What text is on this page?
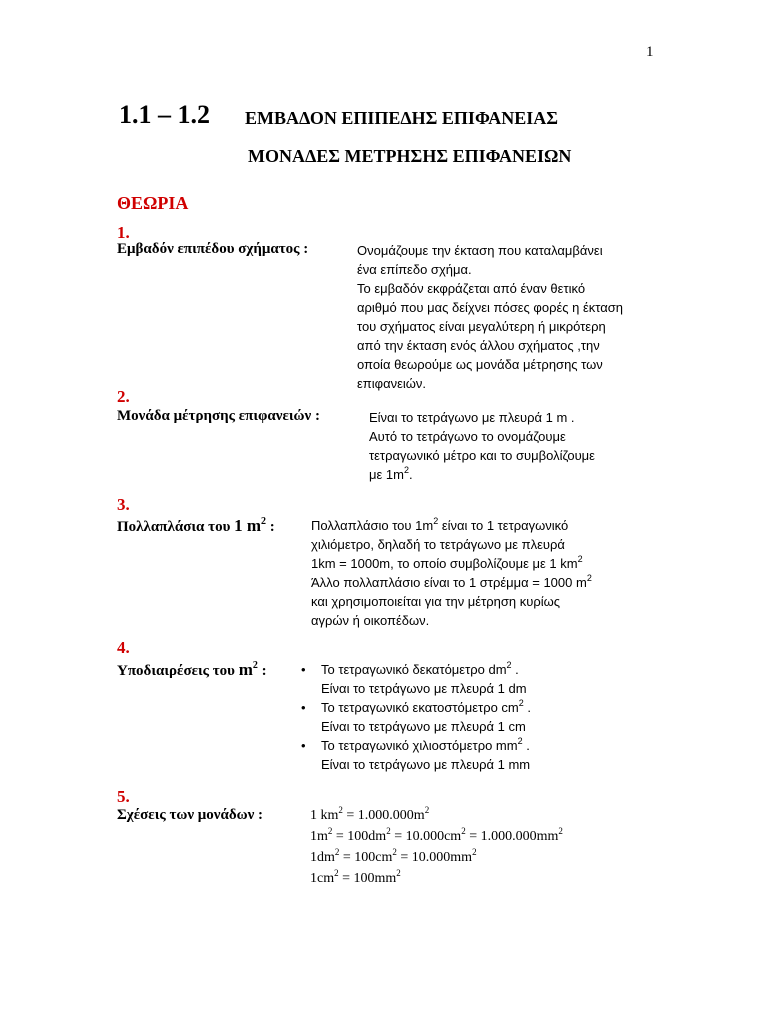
1
1.1 – 1.2 ΕΜΒΑΔΟΝ ΕΠΙΠΕΔΗΣ ΕΠΙΦΑΝΕΙΑΣ
ΜΟΝΑΔΕΣ ΜΕΤΡΗΣΗΣ ΕΠΙΦΑΝΕΙΩΝ
ΘΕΩΡΙΑ
1.
Εμβαδόν επιπέδου σχήματος :	Ονομάζουμε την έκταση που καταλαμβάνει
ένα επίπεδο σχήμα.
Το εμβαδόν εκφράζεται από έναν θετικό
αριθμό που μας δείχνει πόσες φορές η έκταση
του σχήματος είναι μεγαλύτερη ή μικρότερη
από την έκταση ενός άλλου σχήματος ,την
οποία θεωρούμε ως μονάδα μέτρησης των
επιφανειών.
2.
Μονάδα μέτρησης επιφανειών :	Είναι το τετράγωνο με πλευρά 1 m .
Αυτό το τετράγωνο το ονομάζουμε
τετραγωνικό μέτρο και το συμβολίζουμε
με $1m^2$.
3.
Πολλαπλάσια του 1 $m^2$ :	Πολλαπλάσιο του $1m^2$ είναι το 1 τετραγωνικό
χιλιόμετρο, δηλαδή το τετράγωνο με πλευρά
1km = 1000m, το οποίο συμβολίζουμε με 1 $km^2$
Άλλο πολλαπλάσιο είναι το 1 στρέμμα = 1000 $m^2$
και χρησιμοποιείται για την μέτρηση κυρίως
αγρών ή οικοπέδων.
4.
Υποδιαιρέσεις του $m^2$ :	• Το τετραγωνικό δεκατόμετρο $dm^2$ .
Είναι το τετράγωνο με πλευρά 1 dm
• Το τετραγωνικό εκατοστόμετρο $cm^2$ .
Είναι το τετράγωνο με πλευρά 1 cm
• Το τετραγωνικό χιλιοστόμετρο $mm^2$ .
Είναι το τετράγωνο με πλευρά 1 mm
5.
Σχέσεις των μονάδων :	1 $km^2 = 1.000.000m^2$
$1m^2 = 100dm^2 = 10.000cm^2 = 1.000.000mm^2$
$1dm^2 = 100cm^2 = 10.000mm^2$
$1cm^2 = 100mm^2$
